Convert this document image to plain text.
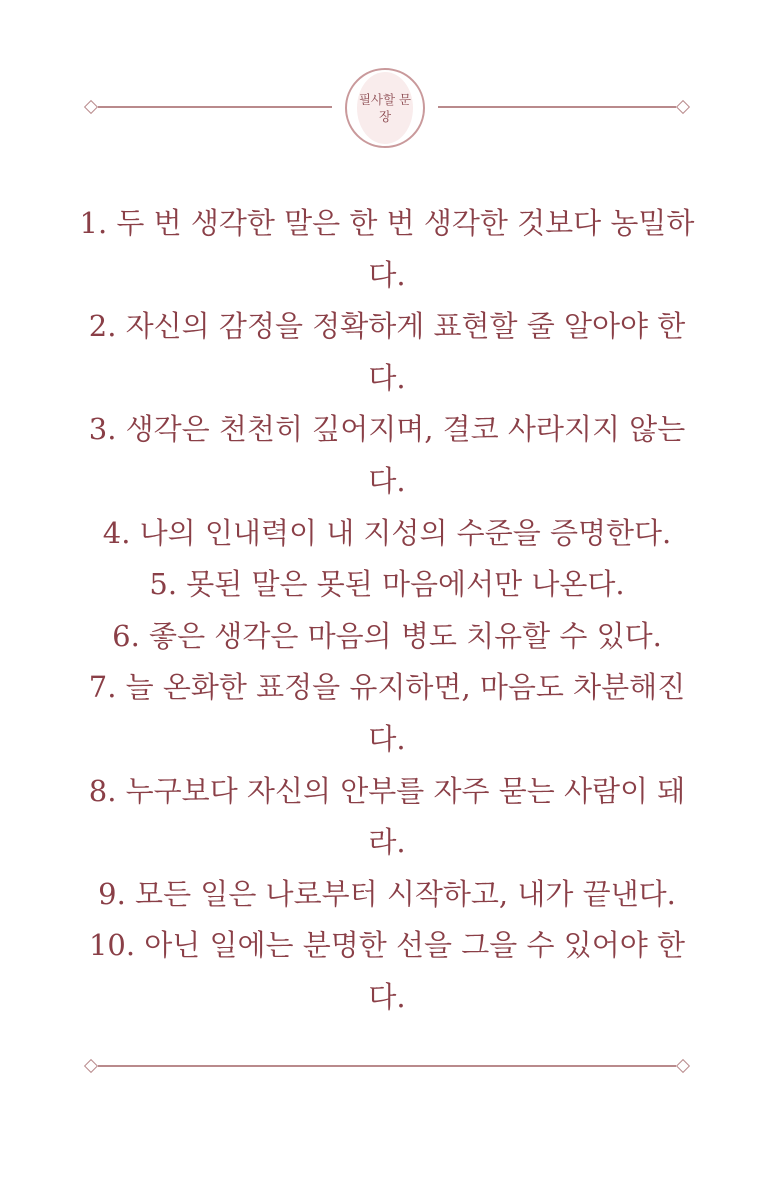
필사할 문장
1. 두 번 생각한 말은 한 번 생각한 것보다 농밀하다.
2. 자신의 감정을 정확하게 표현할 줄 알아야 한다.
3. 생각은 천천히 깊어지며, 결코 사라지지 않는다.
4. 나의 인내력이 내 지성의 수준을 증명한다.
5. 못된 말은 못된 마음에서만 나온다.
6. 좋은 생각은 마음의 병도 치유할 수 있다.
7. 늘 온화한 표정을 유지하면, 마음도 차분해진다.
8. 누구보다 자신의 안부를 자주 묻는 사람이 돼라.
9. 모든 일은 나로부터 시작하고, 내가 끝낸다.
10. 아닌 일에는 분명한 선을 그을 수 있어야 한다.
